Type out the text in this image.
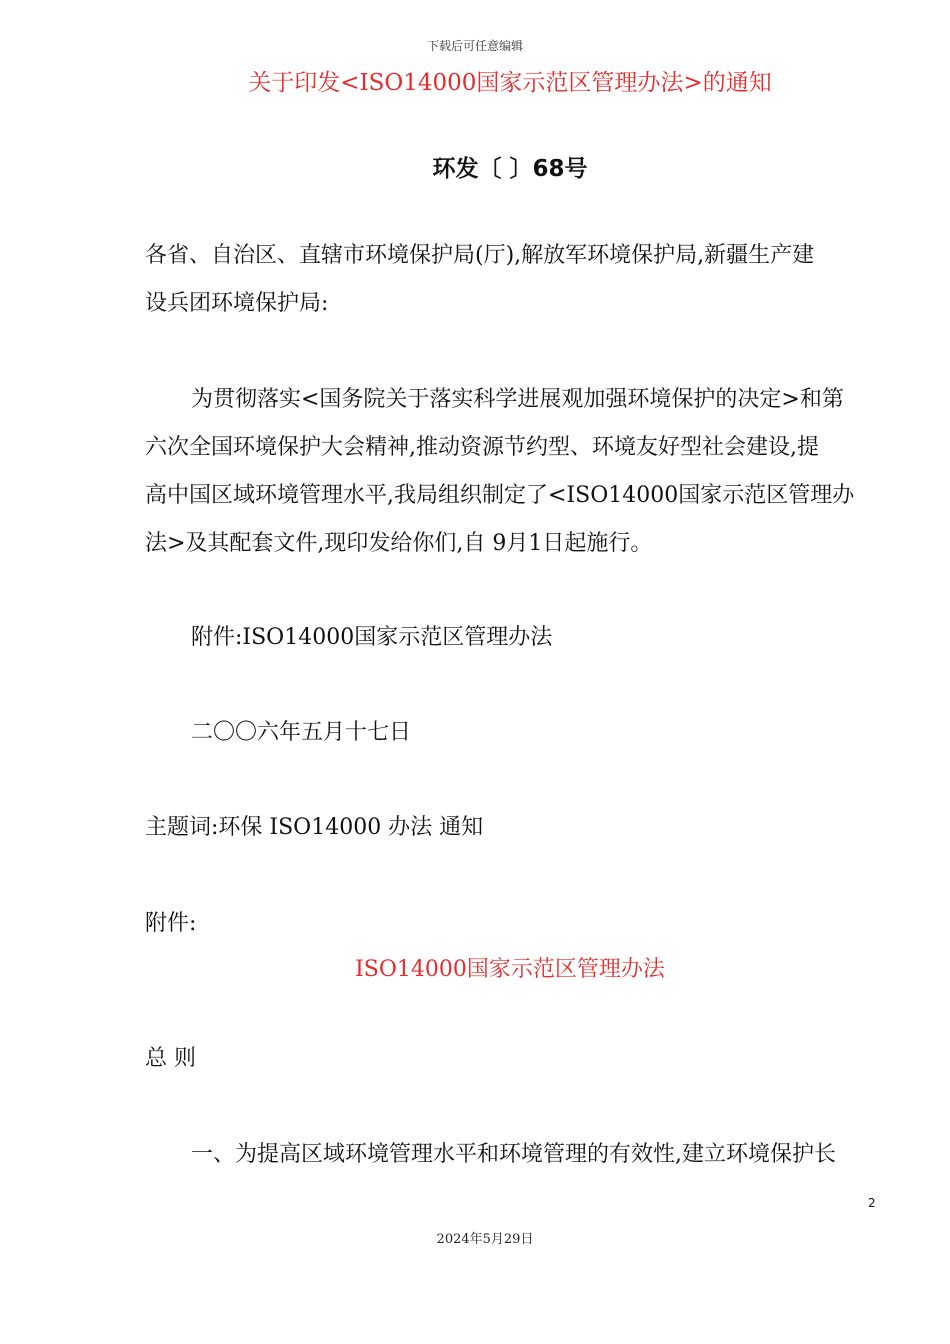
下载后可任意编辑
关于印发<ISO14000国家示范区管理办法>的通知
环发〔 〕68号

各省、自治区、直辖市环境保护局(厅),解放军环境保护局,新疆生产建

设兵团环境保护局:

为贯彻落实<国务院关于落实科学进展观加强环境保护的决定>和第

六次全国环境保护大会精神,推动资源节约型、环境友好型社会建设,提

高中国区域环境管理水平,我局组织制定了<ISO14000国家示范区管理办

法>及其配套文件,现印发给你们,自 9月1日起施行。

附件:ISO14000国家示范区管理办法

二〇〇六年五月十七日

主题词:环保 ISO14000 办法 通知

附件:

ISO14000国家示范区管理办法

总 则

一、为提高区域环境管理水平和环境管理的有效性,建立环境保护长

2
2024年5月29日
